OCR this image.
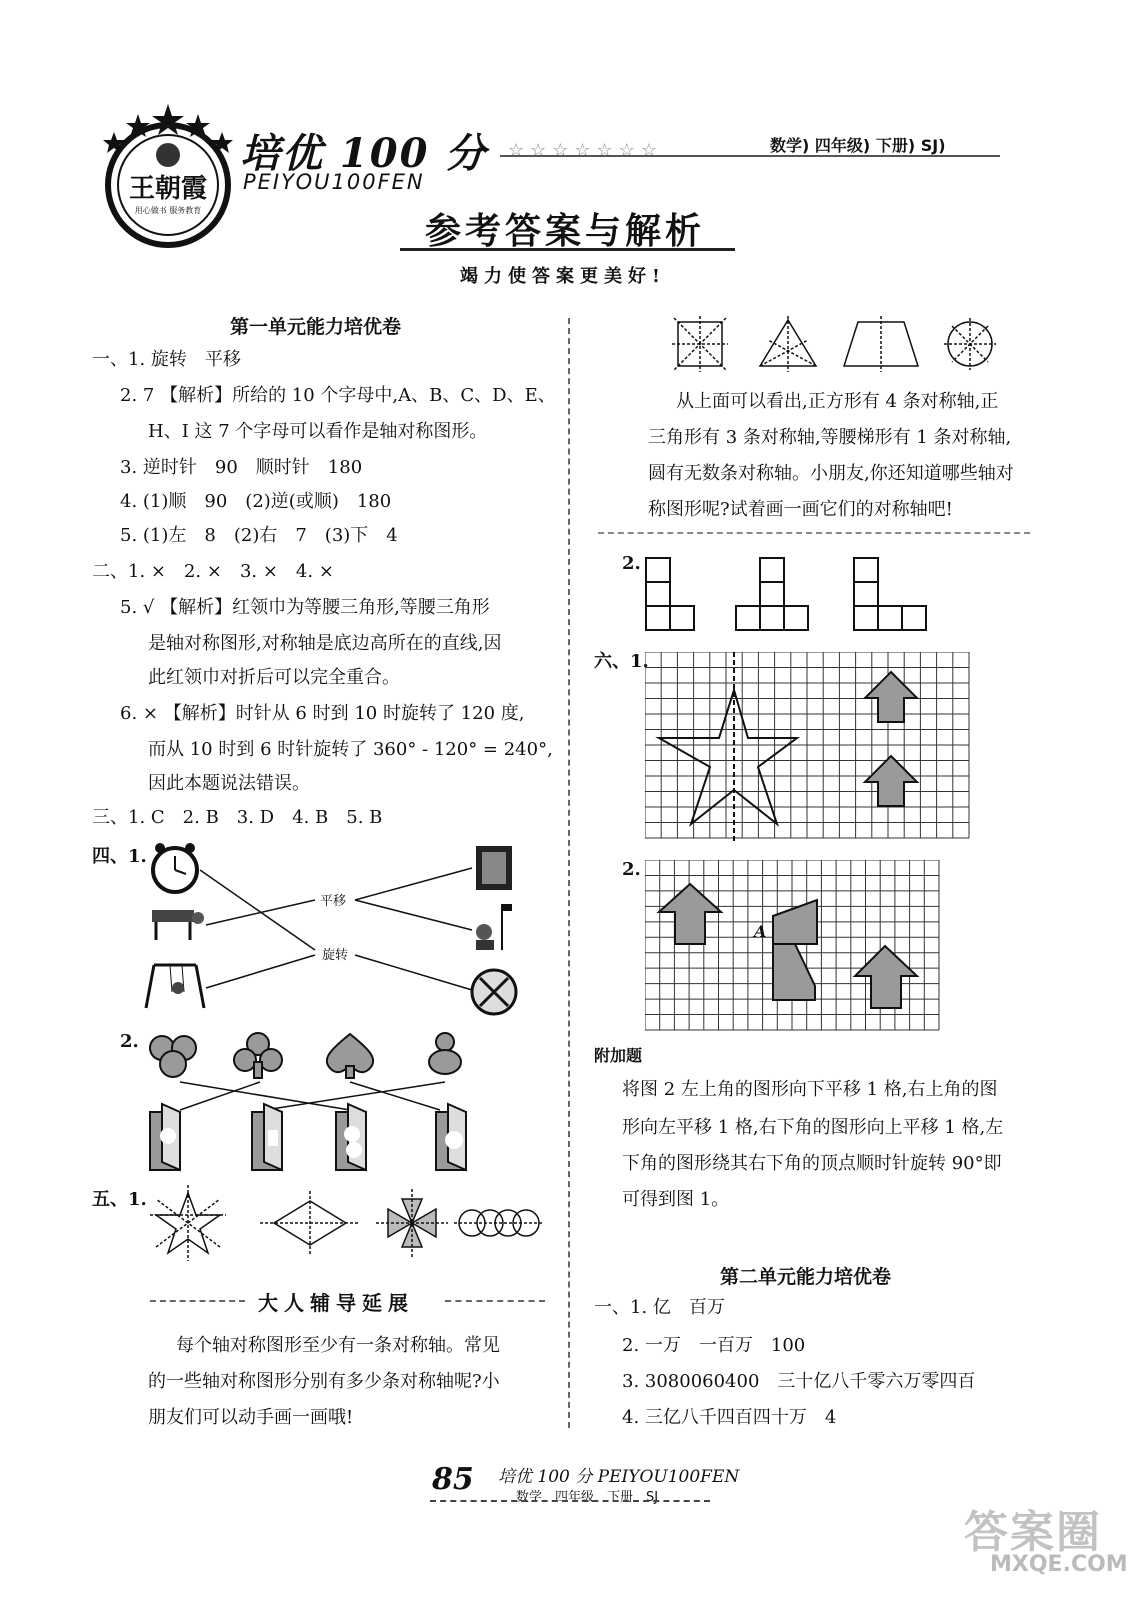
王朝霞
用心做书 服务教育
培优 100 分 ☆☆☆☆☆☆☆
PEIYOU100FEN
数学) 四年级) 下册) SJ)
参考答案与解析
竭力使答案更美好!
第一单元能力培优卷
一、1. 旋转　平移
2. 7 【解析】所给的 10 个字母中,A、B、C、D、E、
H、I 这 7 个字母可以看作是轴对称图形。
3. 逆时针　90　顺时针　180
4. (1)顺　90　(2)逆(或顺)　180
5. (1)左　8　(2)右　7　(3)下　4
二、1. ×　2. ×　3. ×　4. ×
5. √ 【解析】红领巾为等腰三角形,等腰三角形
是轴对称图形,对称轴是底边高所在的直线,因
此红领巾对折后可以完全重合。
6. × 【解析】时针从 6 时到 10 时旋转了 120 度,
而从 10 时到 6 时针旋转了 360° - 120° = 240°,
因此本题说法错误。
三、1. C　2. B　3. D　4. B　5. B
四、1.
平移
旋转
2.
五、1.
大人辅导延展
每个轴对称图形至少有一条对称轴。常见
的一些轴对称图形分别有多少条对称轴呢?小
朋友们可以动手画一画哦!
从上面可以看出,正方形有 4 条对称轴,正
三角形有 3 条对称轴,等腰梯形有 1 条对称轴,
圆有无数条对称轴。小朋友,你还知道哪些轴对
称图形呢?试着画一画它们的对称轴吧!
2.
六、1.
2.
A
附加题
将图 2 左上角的图形向下平移 1 格,右上角的图
形向左平移 1 格,右下角的图形向上平移 1 格,左
下角的图形绕其右下角的顶点顺时针旋转 90°即
可得到图 1。
第二单元能力培优卷
一、1. 亿　百万
2. 一万　一百万　100
3. 3080060400　三十亿八千零六万零四百
4. 三亿八千四百四十万　4
85 培优 100 分 PEIYOU100FEN
数学　四年级　下册　SJ
答案圈
MXQE.COM
